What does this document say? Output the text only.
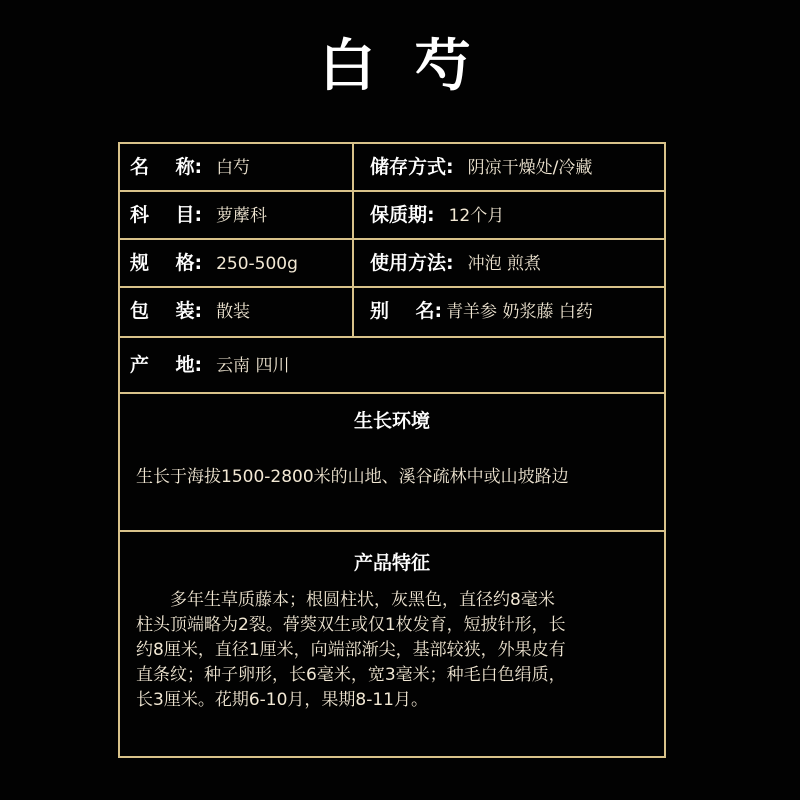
白 芍
名    称: 白芍	储存方式: 阴凉干燥处/冷藏
科    目: 萝藦科	保质期: 12个月
规    格: 250-500g	使用方法: 冲泡 煎煮
包    装: 散装	别    名: 青羊参 奶浆藤 白药
产    地: 云南 四川
生长环境
生长于海拔1500-2800米的山地、溪谷疏林中或山坡路边
产品特征

多年生草质藤本；根圆柱状，灰黑色，直径约8毫米
柱头顶端略为2裂。蓇葖双生或仅1枚发育，短披针形，长
约8厘米，直径1厘米，向端部渐尖，基部较狭，外果皮有
直条纹；种子卵形，长6毫米，宽3毫米；种毛白色绢质，
长3厘米。花期6-10月，果期8-11月。
